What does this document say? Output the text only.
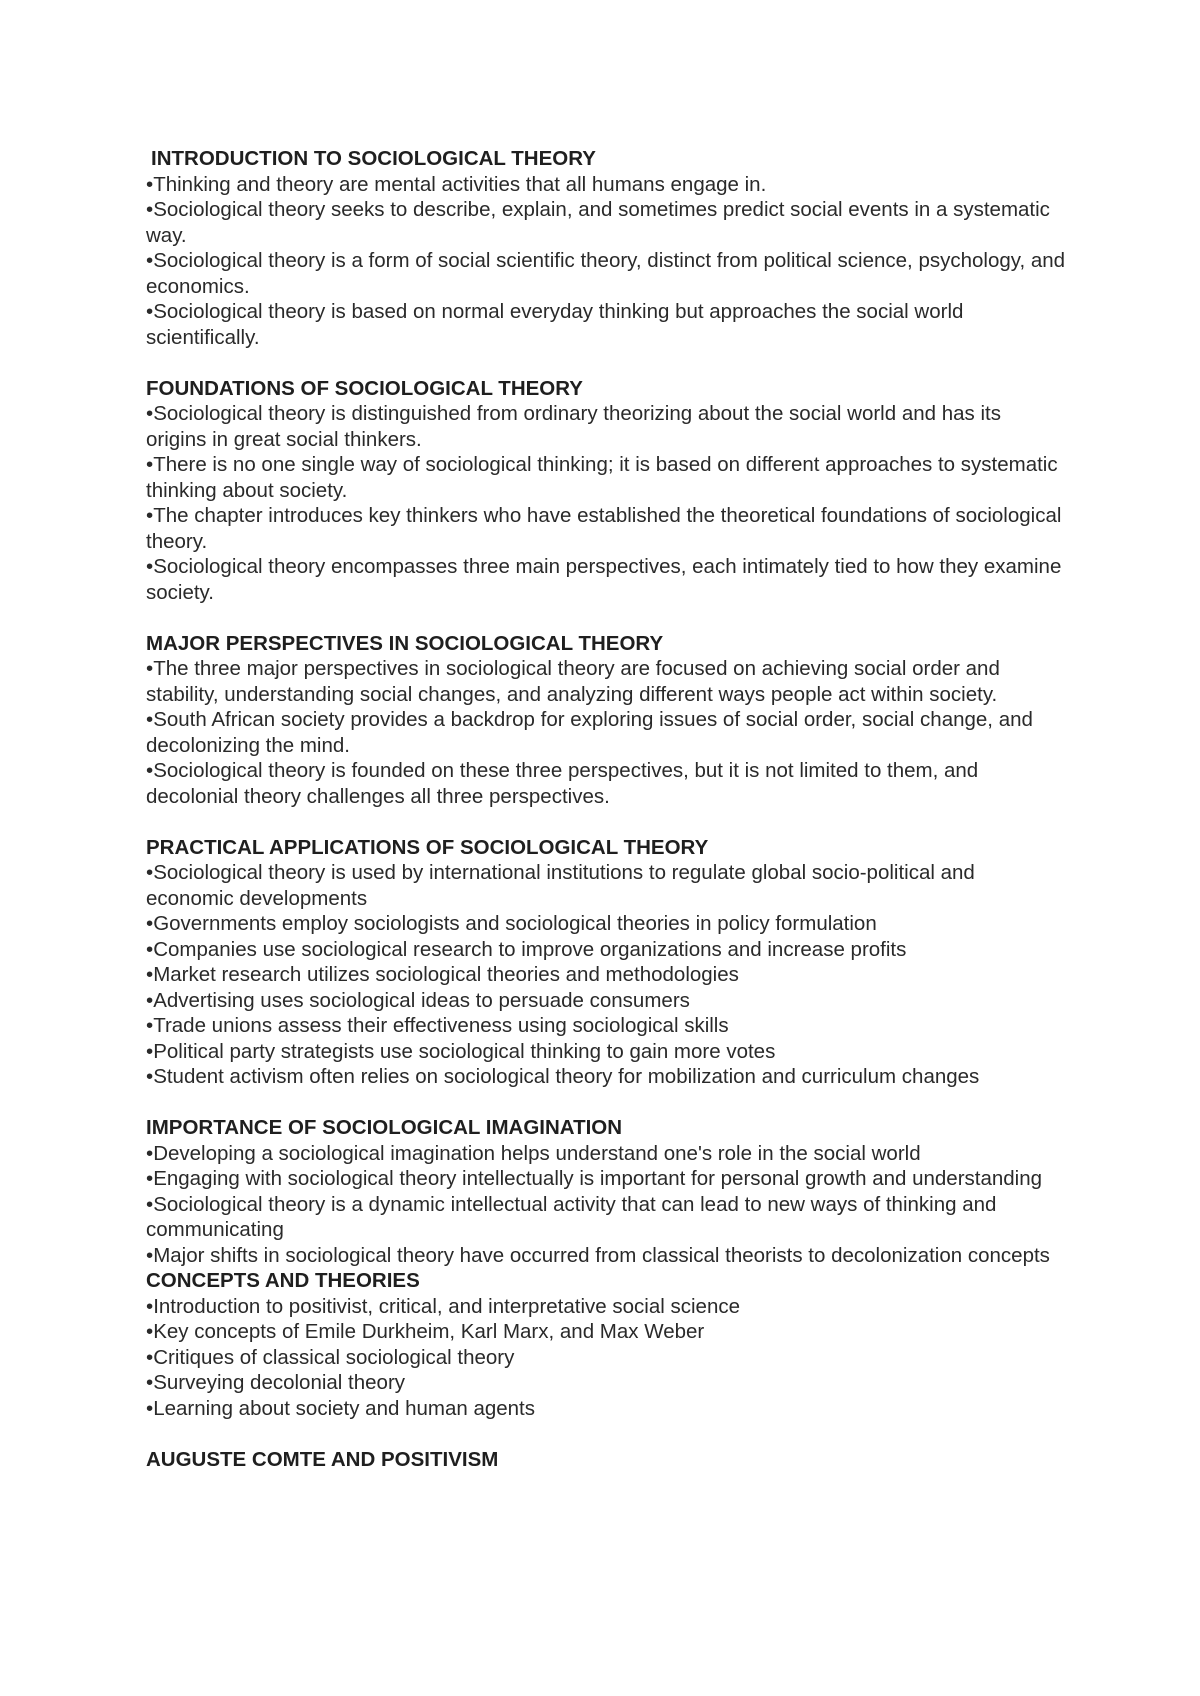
INTRODUCTION TO SOCIOLOGICAL THEORY

• Thinking and theory are mental activities that all humans engage in.

• Sociological theory seeks to describe, explain, and sometimes predict social events in a systematic way.

• Sociological theory is a form of social scientific theory, distinct from political science, psychology, and economics.

• Sociological theory is based on normal everyday thinking but approaches the social world scientifically.

FOUNDATIONS OF SOCIOLOGICAL THEORY

• Sociological theory is distinguished from ordinary theorizing about the social world and has its origins in great social thinkers.

• There is no one single way of sociological thinking; it is based on different approaches to systematic thinking about society.

• The chapter introduces key thinkers who have established the theoretical foundations of sociological theory.

• Sociological theory encompasses three main perspectives, each intimately tied to how they examine society.

MAJOR PERSPECTIVES IN SOCIOLOGICAL THEORY

• The three major perspectives in sociological theory are focused on achieving social order and stability, understanding social changes, and analyzing different ways people act within society.

• South African society provides a backdrop for exploring issues of social order, social change, and decolonizing the mind.

• Sociological theory is founded on these three perspectives, but it is not limited to them, and decolonial theory challenges all three perspectives.

PRACTICAL APPLICATIONS OF SOCIOLOGICAL THEORY

• Sociological theory is used by international institutions to regulate global socio-political and economic developments

• Governments employ sociologists and sociological theories in policy formulation

• Companies use sociological research to improve organizations and increase profits

• Market research utilizes sociological theories and methodologies

• Advertising uses sociological ideas to persuade consumers

• Trade unions assess their effectiveness using sociological skills

• Political party strategists use sociological thinking to gain more votes

• Student activism often relies on sociological theory for mobilization and curriculum changes

IMPORTANCE OF SOCIOLOGICAL IMAGINATION

• Developing a sociological imagination helps understand one's role in the social world

• Engaging with sociological theory intellectually is important for personal growth and understanding

• Sociological theory is a dynamic intellectual activity that can lead to new ways of thinking and communicating

• Major shifts in sociological theory have occurred from classical theorists to decolonization concepts

CONCEPTS AND THEORIES

• Introduction to positivist, critical, and interpretative social science

• Key concepts of Emile Durkheim, Karl Marx, and Max Weber

• Critiques of classical sociological theory

• Surveying decolonial theory

• Learning about society and human agents

AUGUSTE COMTE AND POSITIVISM
